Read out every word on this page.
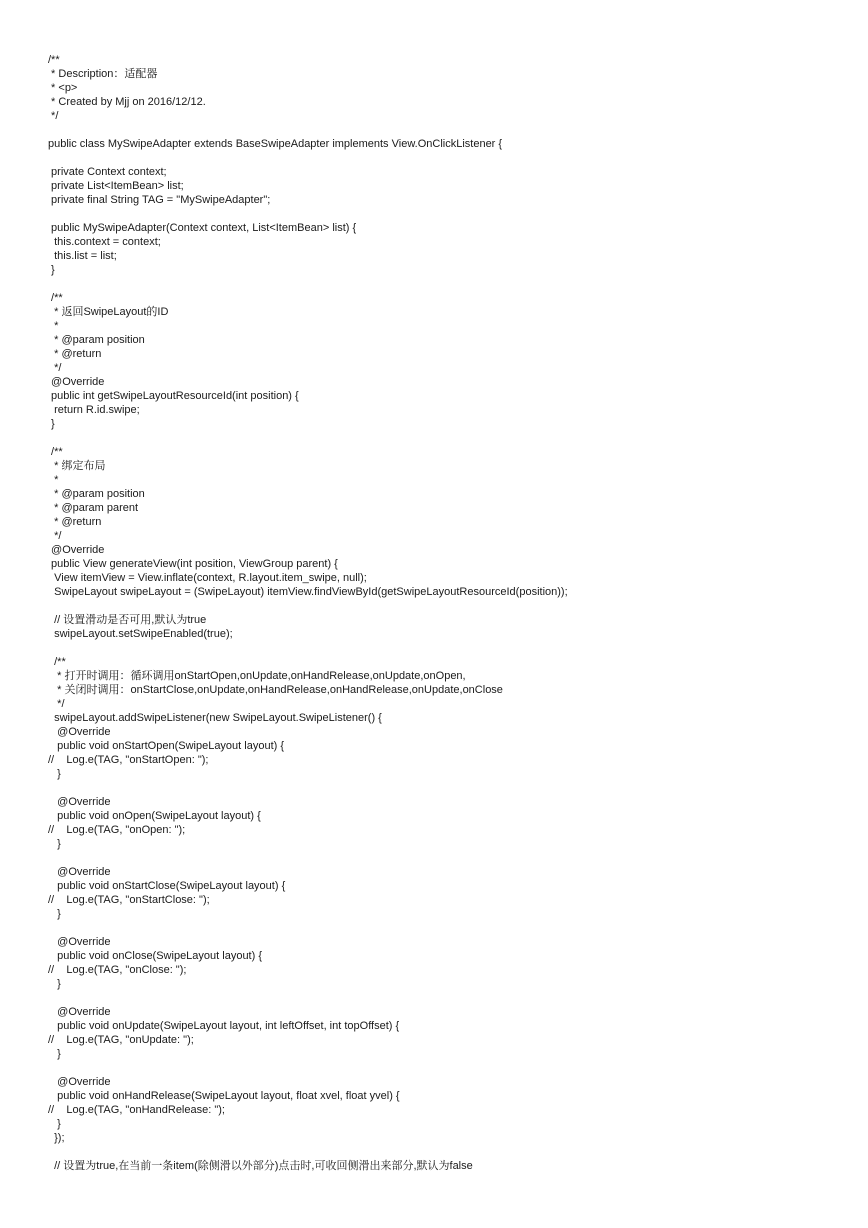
/**
* Description：适配器
* <p>
* Created by Mjj on 2016/12/12.
*/
public class MySwipeAdapter extends BaseSwipeAdapter implements View.OnClickListener {
private Context context;
private List<ItemBean> list;
private final String TAG = "MySwipeAdapter";
public MySwipeAdapter(Context context, List<ItemBean> list) {
this.context = context;
this.list = list;
}
/**
* 返回SwipeLayout的ID
*
* @param position
* @return
*/
@Override
public int getSwipeLayoutResourceId(int position) {
return R.id.swipe;
}
/**
* 绑定布局
*
* @param position
* @param parent
* @return
*/
@Override
public View generateView(int position, ViewGroup parent) {
View itemView = View.inflate(context, R.layout.item_swipe, null);
SwipeLayout swipeLayout = (SwipeLayout) itemView.findViewById(getSwipeLayoutResourceId(position));
// 设置滑动是否可用,默认为true
swipeLayout.setSwipeEnabled(true);
/**
* 打开时调用：循环调用onStartOpen,onUpdate,onHandRelease,onUpdate,onOpen,
* 关闭时调用：onStartClose,onUpdate,onHandRelease,onHandRelease,onUpdate,onClose
*/
swipeLayout.addSwipeListener(new SwipeLayout.SwipeListener() {
@Override
public void onStartOpen(SwipeLayout layout) {
//    Log.e(TAG, "onStartOpen: ");
}
@Override
public void onOpen(SwipeLayout layout) {
//    Log.e(TAG, "onOpen: ");
}
@Override
public void onStartClose(SwipeLayout layout) {
//    Log.e(TAG, "onStartClose: ");
}
@Override
public void onClose(SwipeLayout layout) {
//    Log.e(TAG, "onClose: ");
}
@Override
public void onUpdate(SwipeLayout layout, int leftOffset, int topOffset) {
//    Log.e(TAG, "onUpdate: ");
}
@Override
public void onHandRelease(SwipeLayout layout, float xvel, float yvel) {
//    Log.e(TAG, "onHandRelease: ");
}
});
// 设置为true,在当前一条item(除侧滑以外部分)点击时,可收回侧滑出来部分,默认为false
